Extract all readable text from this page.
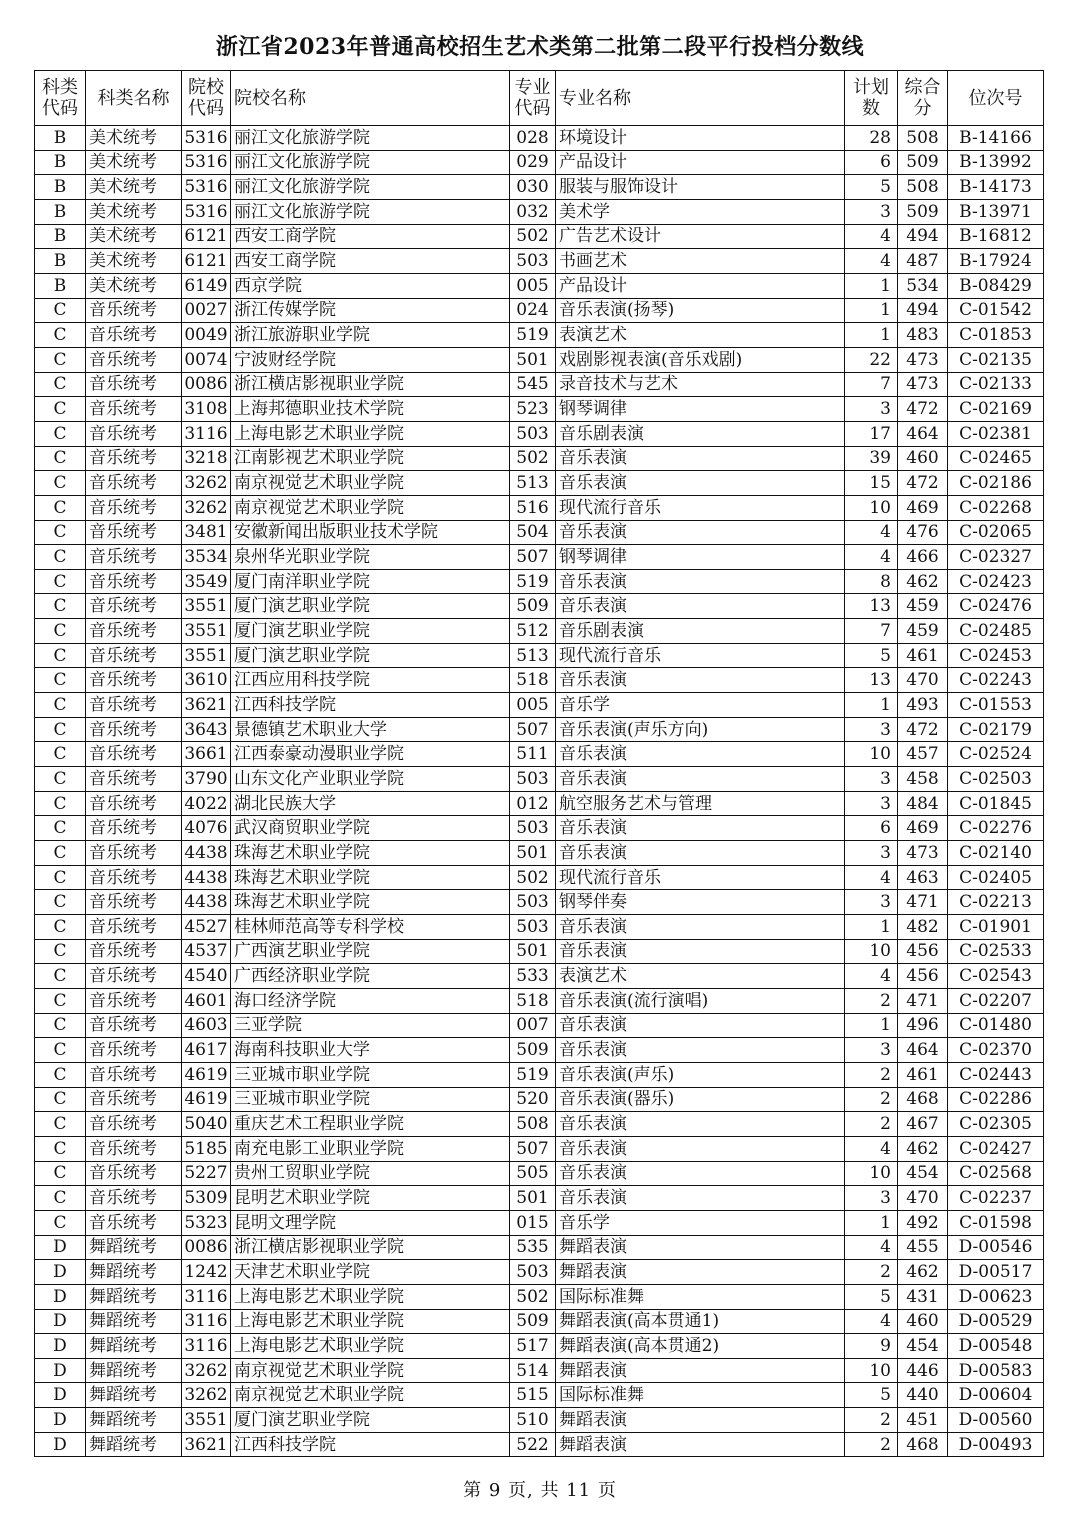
浙江省2023年普通高校招生艺术类第二批第二段平行投档分数线
科类代码	科类名称	院校代码	院校名称	专业代码	专业名称	计划数	综合分	位次号
B	美术统考	5316	丽江文化旅游学院	028	环境设计	28	508	B-14166
B	美术统考	5316	丽江文化旅游学院	029	产品设计	6	509	B-13992
B	美术统考	5316	丽江文化旅游学院	030	服装与服饰设计	5	508	B-14173
B	美术统考	5316	丽江文化旅游学院	032	美术学	3	509	B-13971
B	美术统考	6121	西安工商学院	502	广告艺术设计	4	494	B-16812
B	美术统考	6121	西安工商学院	503	书画艺术	4	487	B-17924
B	美术统考	6149	西京学院	005	产品设计	1	534	B-08429
C	音乐统考	0027	浙江传媒学院	024	音乐表演(扬琴)	1	494	C-01542
C	音乐统考	0049	浙江旅游职业学院	519	表演艺术	1	483	C-01853
C	音乐统考	0074	宁波财经学院	501	戏剧影视表演(音乐戏剧)	22	473	C-02135
C	音乐统考	0086	浙江横店影视职业学院	545	录音技术与艺术	7	473	C-02133
C	音乐统考	3108	上海邦德职业技术学院	523	钢琴调律	3	472	C-02169
C	音乐统考	3116	上海电影艺术职业学院	503	音乐剧表演	17	464	C-02381
C	音乐统考	3218	江南影视艺术职业学院	502	音乐表演	39	460	C-02465
C	音乐统考	3262	南京视觉艺术职业学院	513	音乐表演	15	472	C-02186
C	音乐统考	3262	南京视觉艺术职业学院	516	现代流行音乐	10	469	C-02268
C	音乐统考	3481	安徽新闻出版职业技术学院	504	音乐表演	4	476	C-02065
C	音乐统考	3534	泉州华光职业学院	507	钢琴调律	4	466	C-02327
C	音乐统考	3549	厦门南洋职业学院	519	音乐表演	8	462	C-02423
C	音乐统考	3551	厦门演艺职业学院	509	音乐表演	13	459	C-02476
C	音乐统考	3551	厦门演艺职业学院	512	音乐剧表演	7	459	C-02485
C	音乐统考	3551	厦门演艺职业学院	513	现代流行音乐	5	461	C-02453
C	音乐统考	3610	江西应用科技学院	518	音乐表演	13	470	C-02243
C	音乐统考	3621	江西科技学院	005	音乐学	1	493	C-01553
C	音乐统考	3643	景德镇艺术职业大学	507	音乐表演(声乐方向)	3	472	C-02179
C	音乐统考	3661	江西泰豪动漫职业学院	511	音乐表演	10	457	C-02524
C	音乐统考	3790	山东文化产业职业学院	503	音乐表演	3	458	C-02503
C	音乐统考	4022	湖北民族大学	012	航空服务艺术与管理	3	484	C-01845
C	音乐统考	4076	武汉商贸职业学院	503	音乐表演	6	469	C-02276
C	音乐统考	4438	珠海艺术职业学院	501	音乐表演	3	473	C-02140
C	音乐统考	4438	珠海艺术职业学院	502	现代流行音乐	4	463	C-02405
C	音乐统考	4438	珠海艺术职业学院	503	钢琴伴奏	3	471	C-02213
C	音乐统考	4527	桂林师范高等专科学校	503	音乐表演	1	482	C-01901
C	音乐统考	4537	广西演艺职业学院	501	音乐表演	10	456	C-02533
C	音乐统考	4540	广西经济职业学院	533	表演艺术	4	456	C-02543
C	音乐统考	4601	海口经济学院	518	音乐表演(流行演唱)	2	471	C-02207
C	音乐统考	4603	三亚学院	007	音乐表演	1	496	C-01480
C	音乐统考	4617	海南科技职业大学	509	音乐表演	3	464	C-02370
C	音乐统考	4619	三亚城市职业学院	519	音乐表演(声乐)	2	461	C-02443
C	音乐统考	4619	三亚城市职业学院	520	音乐表演(器乐)	2	468	C-02286
C	音乐统考	5040	重庆艺术工程职业学院	508	音乐表演	2	467	C-02305
C	音乐统考	5185	南充电影工业职业学院	507	音乐表演	4	462	C-02427
C	音乐统考	5227	贵州工贸职业学院	505	音乐表演	10	454	C-02568
C	音乐统考	5309	昆明艺术职业学院	501	音乐表演	3	470	C-02237
C	音乐统考	5323	昆明文理学院	015	音乐学	1	492	C-01598
D	舞蹈统考	0086	浙江横店影视职业学院	535	舞蹈表演	4	455	D-00546
D	舞蹈统考	1242	天津艺术职业学院	503	舞蹈表演	2	462	D-00517
D	舞蹈统考	3116	上海电影艺术职业学院	502	国际标准舞	5	431	D-00623
D	舞蹈统考	3116	上海电影艺术职业学院	509	舞蹈表演(高本贯通1)	4	460	D-00529
D	舞蹈统考	3116	上海电影艺术职业学院	517	舞蹈表演(高本贯通2)	9	454	D-00548
D	舞蹈统考	3262	南京视觉艺术职业学院	514	舞蹈表演	10	446	D-00583
D	舞蹈统考	3262	南京视觉艺术职业学院	515	国际标准舞	5	440	D-00604
D	舞蹈统考	3551	厦门演艺职业学院	510	舞蹈表演	2	451	D-00560
D	舞蹈统考	3621	江西科技学院	522	舞蹈表演	2	468	D-00493
第 9 页, 共 11 页
